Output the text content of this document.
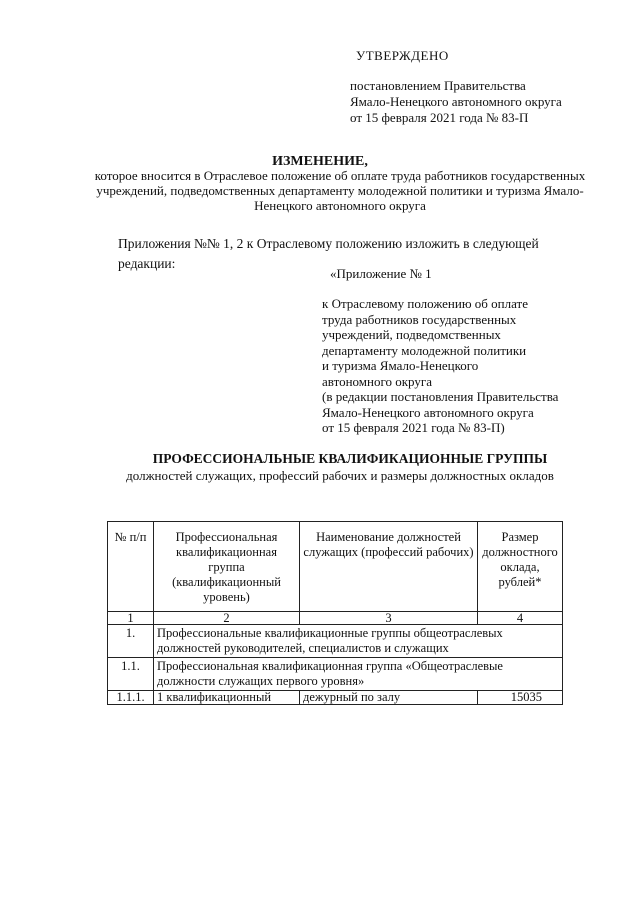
УТВЕРЖДЕНО
постановлением Правительства
Ямало-Ненецкого автономного округа
от 15 февраля 2021 года № 83-П
ИЗМЕНЕНИЕ,
которое вносится в Отраслевое положение об оплате труда работников государственных учреждений, подведомственных департаменту молодежной политики и туризма Ямало-Ненецкого автономного округа
Приложения №№ 1, 2 к Отраслевому положению изложить в следующей
редакции:
«Приложение № 1
к Отраслевому положению об оплате
труда работников государственных
учреждений, подведомственных
департаменту молодежной политики
и туризма Ямало-Ненецкого
автономного округа
(в редакции постановления Правительства
Ямало-Ненецкого автономного округа
от 15 февраля 2021 года № 83-П)
ПРОФЕССИОНАЛЬНЫЕ КВАЛИФИКАЦИОННЫЕ ГРУППЫ
должностей служащих, профессий рабочих и размеры должностных окладов
№ п/п	Профессиональная квалификационная группа (квалификационный уровень)	Наименование должностей служащих (профессий рабочих)	Размер должностного оклада, рублей*
1	2	3	4
1.	Профессиональные квалификационные группы общеотраслевых должностей руководителей, специалистов и служащих		
1.1.	Профессиональная квалификационная группа «Общеотраслевые должности служащих первого уровня»		
1.1.1.	1 квалификационный	дежурный по залу	15035
